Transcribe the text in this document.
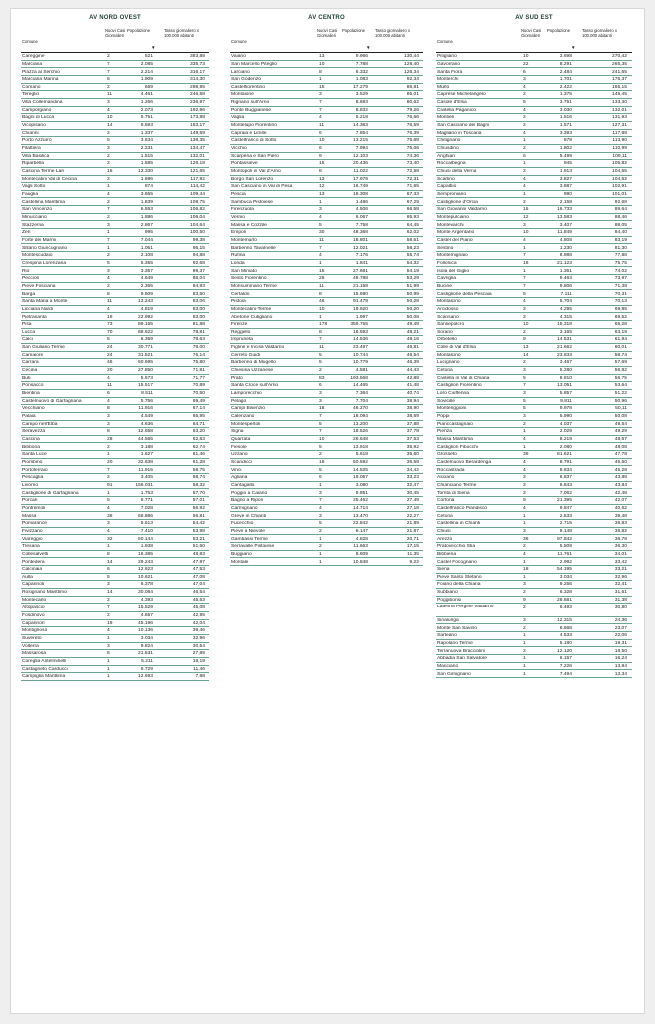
AV NORD OVEST
Comune
Nuovi Casi Giornalieri
Popolazione	Tasso giornaliero x 100.000 abitanti
▼
Careggine	2	521	383,88
Marciana	7	2.085	335,73
Piazza al Serchio	7	2.214	316,17
Marciana Marina	6	1.909	314,30
Comano	2	669	298,95
Tereglio	11	4.461	246,58
Villa Collemandina	3	1.266	236,97
Camporgiano	4	2.073	192,96
Bagni di Lucca	10	5.751	173,88
Vicopisano	14	8.593	163,17
Chianni	2	1.337	149,59
Porto Azzurro	5	3.634	138,35
Filattiera	3	2.231	134,47
Villa Basilica	2	1.515	132,01
Riparbella	2	1.585	126,18
Cascina Terme Lari	15	12.330	121,65
Montecatini Val di Cecina	2	1.696	117,92
Vagli Sotto	1	874	114,42
Fauglia	4	3.655	109,44
Castellina Marittima	2	1.839	108,75
San Vincenzo	7	6.553	106,82
Minucciano	2	1.886	106,04
Stazzema	3	2.867	104,64
Zeri	1	995	100,50
Forte dei Marmi	7	7.044	99,38
Sillano Giuncugnano	1	1.051	95,15
Montescudaio	2	2.108	94,88
Crespina Lorenzana	5	5.355	92,68
Rio	3	3.357	89,37
Peccioli	4	4.649	86,04
Pieve Fosciana	2	2.355	84,93
Barga	8	9.509	83,60
Santa Maria a Monte	11	13.243	83,06
Licciana Nardi	4	4.819	83,00
Pietrasanta	19	22.992	83,00
Pisa	73	89.155	81,88
Lucca	70	88.622	78,81
Calci	5	6.359	78,63
San Giuliano Terme	24	30.771	78,00
Camaiore	24	31.521	76,14
Carrara	46	60.695	75,80
Cecina	20	27.850	71,81
Buti	4	5.573	71,77
Ponsacco	11	15.517	70,89
Bientina	6	8.511	70,50
Castelnuovo di Garfagnana	4	5.756	69,49
Vecchiano	8	11.916	67,14
Palaia	3	4.549	65,95
Campo nell'Elba	3	4.636	64,71
Seravezza	8	12.658	63,20
Cascina	28	44.565	62,83
Bibbona	2	3.188	62,74
Santa Luce	1	1.627	61,46
Piombino	20	32.638	61,28
Portoferraio	7	11.915	58,75
Pescaglia	2	3.405	58,74
Livorno	91	156.031	58,32
Castiglione di Garfagnana	1	1.753	57,70
Porcari	5	8.771	57,01
Pontremoli	4	7.028	56,92
Massa	38	66.886	56,81
Pomarance	3	5.513	54,42
Fivizzano	4	7.410	53,98
Viareggio	32	60.144	53,21
Tresana	1	1.938	51,60
Collesalvetti	8	16.385	48,83
Pontedera	14	29.243	47,87
Calcinaia	6	12.623	47,53
Aulla	5	10.621	47,08
Capannoli	3	6.378	47,04
Rosignano Marittimo	14	30.084	46,54
Montecarlo	2	4.393	45,53
Altopascio	7	15.529	45,08
Fosdinovo	2	4.657	42,95
Capannori	19	45.196	42,04
Montignoso	4	10.136	39,46
Suvereto	1	3.034	32,96
Volterra	3	9.824	30,54
Massarosa	6	21.531	27,89
Coreglia Antelminelli	1	5.211	19,19
Castagneto Carducci	1	8.729	11,46
Campiglia Marittima	1	12.693	7,88
AV CENTRO
Comune
Nuovi Casi Giornalieri
Popolazione Tasso giornaliero x 100.000 abitanti
▼
Vaiano	13	9.966	130,44
San Marcello Piteglio	10	7.788	128,40
Larciano	8	6.332	126,34
San Godenzo	1	1.083	92,34
Castelfiorentino	15	17.279	86,81
Montaione	3	3.529	85,01
Rignano sull'Arno	7	8.683	80,62
Ponte Buggianese	7	8.832	79,26
Vaglia	4	5.218	76,66
Montelupo Fiorentino	11	14.363	76,59
Capraia e Limite	6	7.854	76,39
Castelfranco di Sotto	10	13.215	75,68
Vicchio	6	7.994	75,06
Scarperia e San Piero	9	12.103	74,36
Pontassieve	15	20.436	73,40
Montopoli in Val d'Arno	8	11.022	72,58
Borgo San Lorenzo	13	17.979	72,31
San Casciano in Val di Pesa	12	16.749	71,65
Pescia	13	19.308	67,33
Sambuca Pistoiese	1	1.486	67,29
Firenzuola	3	4.506	66,58
Vernio	4	6.067	65,93
Massa e Cozzile	5	7.758	64,45
Empoli	30	48.368	62,02
Montemurlo	11	18.801	58,51
Barberino Tavarnelle	7	12.021	58,23
Rufina	4	7.176	55,74
Londa	1	1.841	54,32
San Miniato	15	27.681	54,19
Sesto Fiorentino	26	48.788	53,29
Monsummano Terme	11	21.158	51,99
Certaldo	8	15.690	50,99
Pistoia	46	91.479	50,28
Montecatini-Terme	10	19.920	50,20
Abetone Cutigliano	1	1.997	50,08
Firenze	178	359.755	49,48
Reggello	8	16.593	48,21
Impruneta	7	14.536	48,16
Figline e Incisa Valdarno	11	23.497	46,81
Cerreto Guidi	5	10.744	46,54
Barberino di Mugello	5	10.779	46,39
Chiesina Uzzanese	2	4.581	44,43
Prato	83	193.568	42,88
Santa Croce sull'Arno	6	14.465	41,48
Lamporecchio	3	7.364	40,74
Pelago	3	7.704	38,94
Campi Bisenzio	18	46.270	38,90
Calenzano	7	18.094	38,69
Montespertoli	5	13.200	37,88
Signa	7	18.526	37,78
Quarrata	10	26.648	37,53
Fiesole	5	13.918	35,92
Uzzano	2	5.618	35,60
Scandicci	18	50.592	35,58
Vinci	5	14.525	34,42
Agliana	6	18.057	33,23
Cantagallo	1	3.080	32,47
Poggio a Caiano	3	9.851	30,45
Bagno a Ripoli	7	25.462	27,49
Carmignano	4	14.714	27,18
Greve in Chianti	3	13.470	22,27
Fucecchio	5	22.842	21,89
Pieve a Nievole	2	9.147	21,87
Gambassi Terme	1	4.828	20,71
Serravalle Pistoiese	2	11.663	17,15
Buggiano	1	8.809	11,35
Montale	1	10.848	9,22
AV SUD EST
Comune
Nuovi Casi Giornalieri
Popolazione	Tasso giornaliero x 100.000 abitanti
▼
Pitigliano	10	3.698	270,42
Gavorrano	22	8.291	265,35
Santa Fiora	6	2.484	241,55
Monterchi	3	1.701	176,37
Murlo	4	2.422	165,15
Caprese Michelangelo	2	1.375	145,45
Casole d'Elsa	5	3.751	133,30
Civitella Paganico	4	3.030	132,01
Montieri	2	1.516	131,93
San Casciano dei Bagni	2	1.571	127,31
Magliano in Toscana	4	3.393	117,89
Chitignano	1	878	113,90
Chiusdino	2	1.802	110,99
Anghiari	6	5.499	109,11
Roccalbegna	1	945	105,82
Chiusi della Verna	2	1.913	104,55
Scarlino	4	3.827	104,52
Capalbio	4	3.887	102,91
Semproniano	1	990	101,01
Castiglione d'Orcia	2	2.158	92,68
San Giovanni Valdarno	15	16.733	89,64
Montepulciano	12	13.583	88,46
Montevarchi	3	3.407	88,05
Monte Argentario	10	11.849	84,40
Castel del Piano	4	4.808	83,19
Sestino	1	1.230	81,30
Montemignaio	7	8.988	77,88
Follonica	16	21.123	75,75
Isola del Giglio	1	1.351	74,02
Cavriglia	7	9.463	73,97
Bucine	7	9.806	71,38
Castiglione della Pescaia	5	7.111	70,31
Montalcino	4	5.704	70,13
Arcidosso	3	4.295	69,85
Scansano	3	4.315	69,52
Sansepolcro	10	15.318	65,28
Sorano	2	3.165	63,19
Orbetello	9	14.531	61,94
Colle di Val d'Elsa	13	21.662	60,01
Montalcino	14	23.833	58,74
Lucignano	2	3.467	57,69
Cetona	3	5.280	56,82
Civitella in Val di Chiana	5	8.810	56,75
Castiglion Fiorentino	7	13.051	53,64
Loro Ciuffenna	3	5.857	51,22
Sovicille	5	9.811	50,96
Monteriggioni	5	9.978	50,11
Poppi	3	5.990	50,08
Pianccastagnaio	2	4.037	49,54
Pienza	1	2.029	49,29
Massa Marittima	4	8.219	48,67
Castiglion Fibocchi	1	2.080	48,08
Grosseto	39	81.621	47,78
Castelnuovo Berardenga	4	8.791	45,50
Roccastrada	4	8.834	45,28
Asciano	3	6.837	43,88
Chianciano Terme	3	6.843	43,84
Torrita di Siena	3	7.062	42,48
Cortona	9	21.395	42,07
Castelfranco Piandiscò	4	9.847	40,62
Cetona	1	2.533	39,48
Castellina in Chianti	1	2.715	36,83
Chiusi	3	8.148	36,82
Arezzo	36	97.842	36,79
Pratovecchio Stia	2	5.509	36,30
Bibbiena	4	11.761	34,01
Castel Focognano	1	2.992	33,42
Siena	18	54.195	33,21
Pieve Santo Stefano	1	3.034	32,96
Foiano della Chiana	3	9.256	32,41
Subbiano	2	6.328	31,61
Poggibonsi	9	28.681	31,38
Laterina Pergine Valdarno	2	6.493	30,80
Sinalunga	3	12.315	24,36
Monte San Savino	2	8.668	23,07
Sarteano	1	4.533	22,06
Rapolano Terme	1	5.180	19,31
Terranuova Bracciolini	2	12.120	16,50
Abbadia San Salvatore	1	6.157	16,24
Manciano	1	7.226	13,84
San Gimignano	1	7.494	13,34
